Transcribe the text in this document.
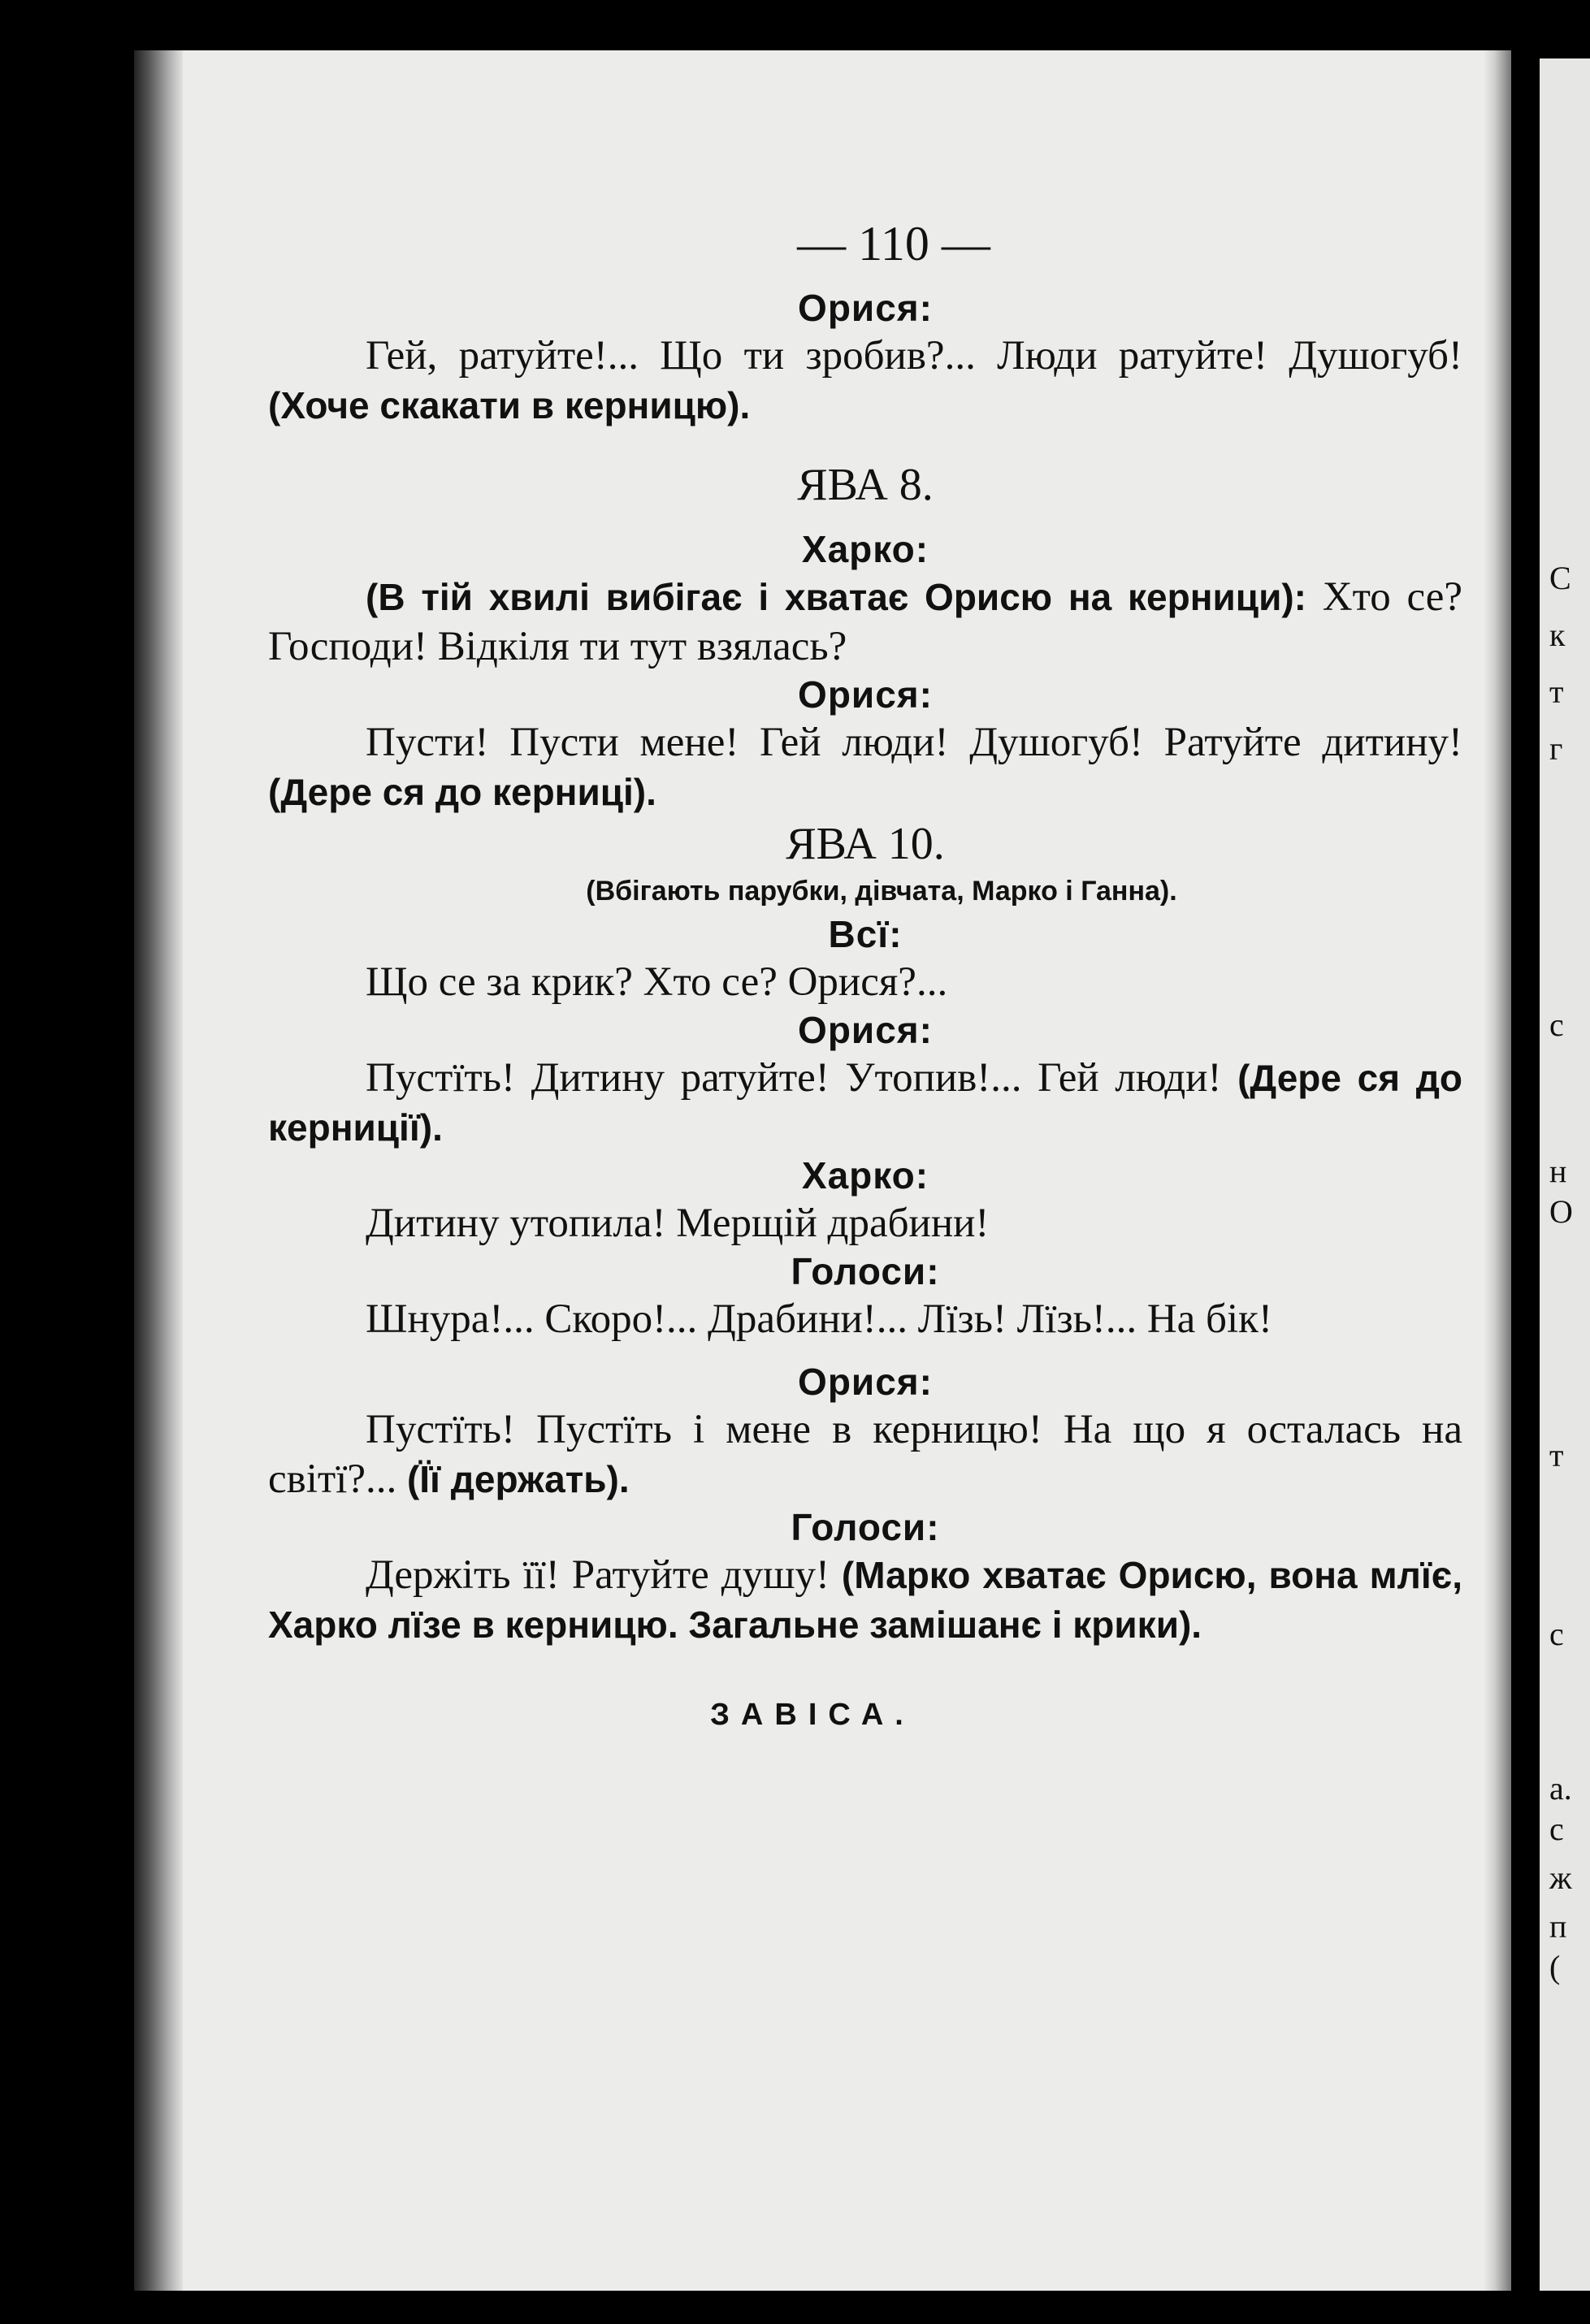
С
к
т
г
с
н
О
т
с
а.
с
ж
п
(
— 110 —
Орися:
Гей, ратуйте!... Що ти зробив?... Люди ратуйте! Душогуб! (Хоче скакати в керницю).
ЯВА 8.
Харко:
(В тій хвилі вибігає і хватає Орисю на керници): Хто се? Господи! Відкіля ти тут взялась?
Орися:
Пусти! Пусти мене! Гей люди! Душогуб! Ратуйте дитину! (Дере ся до керниці).
ЯВА 10.
(Вбігають парубки, дівчата, Марко і Ганна).
Всї:
Що се за крик? Хто се? Орися?...
Орися:
Пустїть! Дитину ратуйте! Утопив!... Гей люди! (Дере ся до керниції).
Харко:
Дитину утопила! Мерщій драбини!
Голоси:
Шнура!... Скоро!... Драбини!... Лїзь! Лїзь!... На бік!
Орися:
Пустїть! Пустїть і мене в керницю! На що я осталась на світї?... (Її держать).
Голоси:
Держіть її! Ратуйте душу! (Марко хватає Орисю, вона млїє, Харко лїзе в керницю. Загальне замішанє і крики).
ЗАВІСА.
